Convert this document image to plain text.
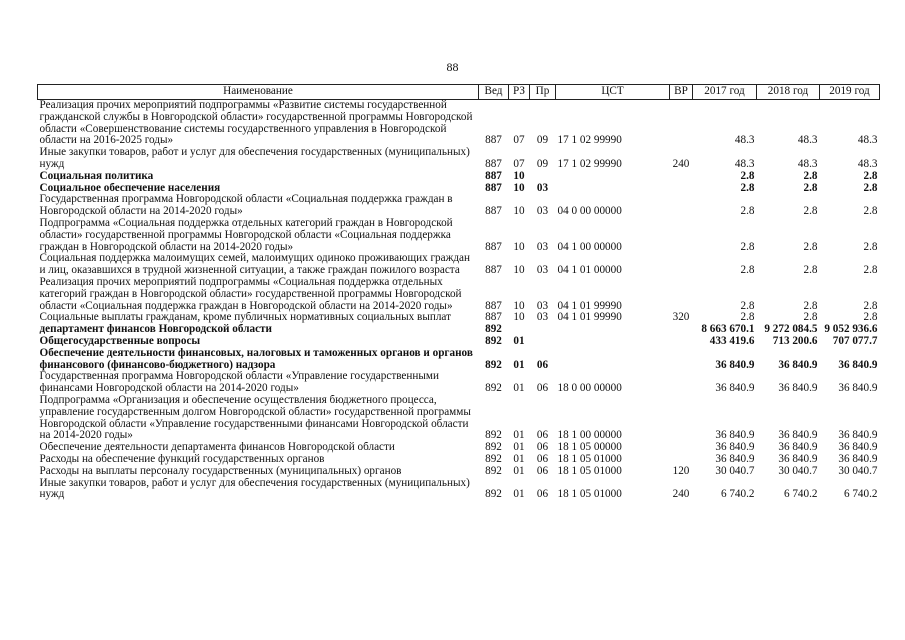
88
Наименование	Вед	РЗ	Пр	ЦСТ	ВР	2017 год	2018 год	2019 год
Реализация прочих мероприятий подпрограммы «Развитие системы государственной гражданской службы в Новгородской области» государственной программы Новгородской области «Совершенствование системы государственного управления в Новгородской области на 2016-2025 годы»	887	07	09	17 1 02 99990		48.3	48.3	48.3
Иные закупки товаров, работ и услуг для обеспечения государственных (муниципальных) нужд	887	07	09	17 1 02 99990	240	48.3	48.3	48.3
Социальная политика	887	10				2.8	2.8	2.8
Социальное обеспечение населения	887	10	03			2.8	2.8	2.8
Государственная программа Новгородской области «Социальная поддержка граждан в Новгородской области на 2014-2020 годы»	887	10	03	04 0 00 00000		2.8	2.8	2.8
Подпрограмма «Социальная поддержка отдельных категорий граждан в Новгородской области» государственной программы Новгородской области «Социальная поддержка граждан в Новгородской области на 2014-2020 годы»	887	10	03	04 1 00 00000		2.8	2.8	2.8
Социальная поддержка малоимущих семей, малоимущих одиноко проживающих граждан и лиц, оказавшихся в трудной жизненной ситуации, а также граждан пожилого возраста	887	10	03	04 1 01 00000		2.8	2.8	2.8
Реализация прочих мероприятий подпрограммы «Социальная поддержка отдельных категорий граждан в Новгородской области» государственной программы Новгородской области «Социальная поддержка граждан в Новгородской области на 2014-2020 годы»	887	10	03	04 1 01 99990		2.8	2.8	2.8
Социальные выплаты гражданам, кроме публичных нормативных социальных выплат	887	10	03	04 1 01 99990	320	2.8	2.8	2.8
департамент финансов Новгородской области	892					8 663 670.1	9 272 084.5	9 052 936.6
Общегосударственные вопросы	892	01				433 419.6	713 200.6	707 077.7
Обеспечение деятельности финансовых, налоговых и таможенных органов и органов финансового (финансово-бюджетного) надзора	892	01	06			36 840.9	36 840.9	36 840.9
Государственная программа Новгородской области «Управление государственными финансами Новгородской области на 2014-2020 годы»	892	01	06	18 0 00 00000		36 840.9	36 840.9	36 840.9
Подпрограмма «Организация и обеспечение осуществления бюджетного процесса, управление государственным долгом Новгородской области» государственной программы Новгородской области «Управление государственными финансами Новгородской области на 2014-2020 годы»	892	01	06	18 1 00 00000		36 840.9	36 840.9	36 840.9
Обеспечение деятельности департамента финансов Новгородской области	892	01	06	18 1 05 00000		36 840.9	36 840.9	36 840.9
Расходы на обеспечение функций государственных органов	892	01	06	18 1 05 01000		36 840.9	36 840.9	36 840.9
Расходы на выплаты персоналу государственных (муниципальных) органов	892	01	06	18 1 05 01000	120	30 040.7	30 040.7	30 040.7
Иные закупки товаров, работ и услуг для обеспечения государственных (муниципальных) нужд	892	01	06	18 1 05 01000	240	6 740.2	6 740.2	6 740.2
